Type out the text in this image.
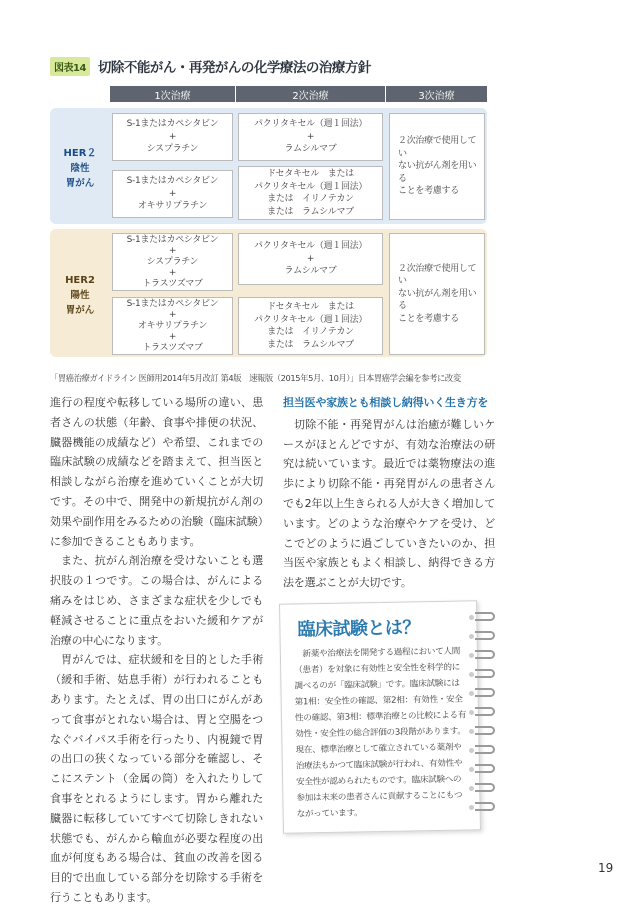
図表14 切除不能がん・再発がんの化学療法の治療方針
1次治療	2次治療	3次治療
HER２
陰性
胃がん
S-1またはカペシタビン
+
シスプラチン
S-1またはカペシタビン
+
オキサリプラチン
パクリタキセル（週１回法）
+
ラムシルマブ
ドセタキセル　または
パクリタキセル（週１回法）
または　イリノテカン
または　ラムシルマブ
２次治療で使用してい
ない抗がん剤を用いる
ことを考慮する
HER2
陽性
胃がん
S-1またはカペシタビン
+
シスプラチン
+
トラスツズマブ
S-1またはカペシタビン
+
オキサリプラチン
+
トラスツズマブ
パクリタキセル（週１回法）
+
ラムシルマブ
ドセタキセル　または
パクリタキセル（週１回法）
または　イリノテカン
または　ラムシルマブ
２次治療で使用してい
ない抗がん剤を用いる
ことを考慮する
「胃癌治療ガイドライン 医師用2014年5月改訂 第4版　速報版（2015年5月、10月）」日本胃癌学会編を参考に改変

進行の程度や転移している場所の違い、患者さんの状態（年齢、食事や排便の状況、臓器機能の成績など）や希望、これまでの臨床試験の成績などを踏まえて、担当医と相談しながら治療を進めていくことが大切です。その中で、開発中の新規抗がん剤の効果や副作用をみるための治験（臨床試験）に参加できることもあります。

また、抗がん剤治療を受けないことも選択肢の１つです。この場合は、がんによる痛みをはじめ、さまざまな症状を少しでも軽減させることに重点をおいた緩和ケアが治療の中心になります。

胃がんでは、症状緩和を目的とした手術（緩和手術、姑息手術）が行われることもあります。たとえば、胃の出口にがんがあって食事がとれない場合は、胃と空腸をつなぐバイパス手術を行ったり、内視鏡で胃の出口の狭くなっている部分を確認し、そこにステント（金属の筒）を入れたりして食事をとれるようにします。胃から離れた臓器に転移していてすべて切除しきれない状態でも、がんから輸血が必要な程度の出血が何度もある場合は、貧血の改善を図る目的で出血している部分を切除する手術を行うこともあります。

担当医や家族とも相談し納得いく生き方を

切除不能・再発胃がんは治癒が難しいケースがほとんどですが、有効な治療法の研究は続いています。最近では薬物療法の進歩により切除不能・再発胃がんの患者さんでも2年以上生きられる人が大きく増加しています。どのような治療やケアを受け、どこでどのように過ごしていきたいのか、担当医や家族ともよく相談し、納得できる方法を選ぶことが大切です。

臨床試験とは？
新薬や治療法を開発する過程において人間（患者）を対象に有効性と安全性を科学的に調べるのが「臨床試験」です。臨床試験には第1相：安全性の確認、第2相：有効性・安全性の確認、第3相：標準治療との比較による有効性・安全性の総合評価の3段階があります。現在、標準治療として確立されている薬剤や治療法もかつて臨床試験が行われ、有効性や安全性が認められたものです。臨床試験への参加は未来の患者さんに貢献することにもつながっています。
19
